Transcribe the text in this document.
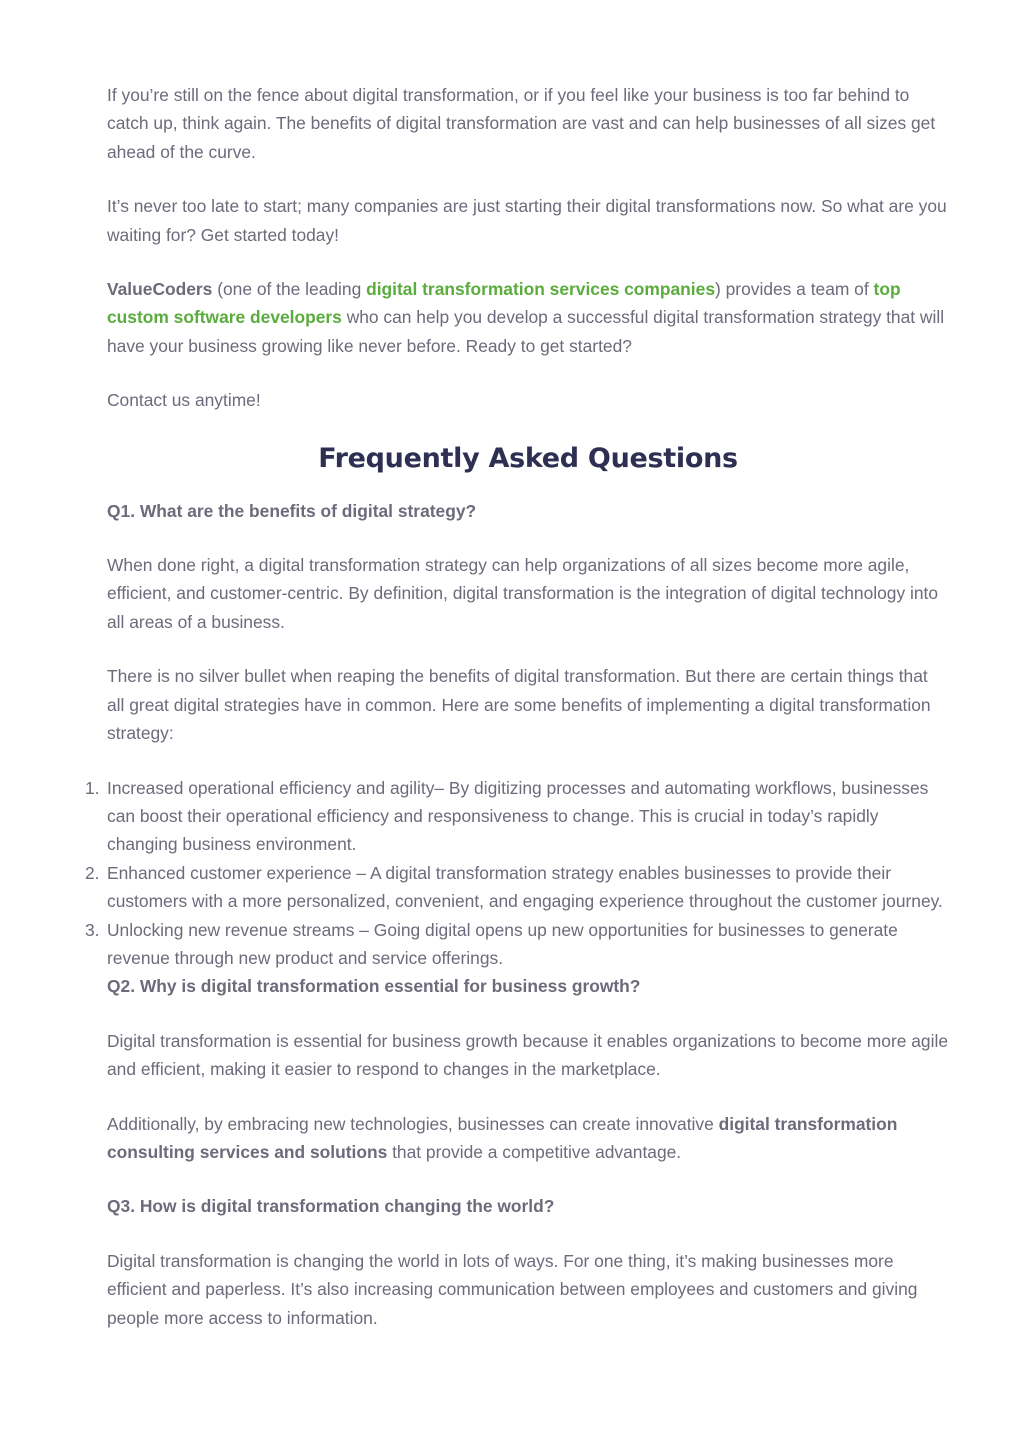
If you’re still on the fence about digital transformation, or if you feel like your business is too far behind to catch up, think again. The benefits of digital transformation are vast and can help businesses of all sizes get ahead of the curve.

It’s never too late to start; many companies are just starting their digital transformations now. So what are you waiting for? Get started today!

ValueCoders (one of the leading digital transformation services companies) provides a team of top custom software developers who can help you develop a successful digital transformation strategy that will have your business growing like never before. Ready to get started?

Contact us anytime!

Frequently Asked Questions

Q1. What are the benefits of digital strategy?

When done right, a digital transformation strategy can help organizations of all sizes become more agile, efficient, and customer-centric. By definition, digital transformation is the integration of digital technology into all areas of a business.

There is no silver bullet when reaping the benefits of digital transformation. But there are certain things that all great digital strategies have in common. Here are some benefits of implementing a digital transformation strategy:

1. Increased operational efficiency and agility– By digitizing processes and automating workflows, businesses can boost their operational efficiency and responsiveness to change. This is crucial in today’s rapidly changing business environment.
2. Enhanced customer experience – A digital transformation strategy enables businesses to provide their customers with a more personalized, convenient, and engaging experience throughout the customer journey.
3. Unlocking new revenue streams – Going digital opens up new opportunities for businesses to generate revenue through new product and service offerings.

Q2. Why is digital transformation essential for business growth?

Digital transformation is essential for business growth because it enables organizations to become more agile and efficient, making it easier to respond to changes in the marketplace.

Additionally, by embracing new technologies, businesses can create innovative digital transformation consulting services and solutions that provide a competitive advantage.

Q3. How is digital transformation changing the world?

Digital transformation is changing the world in lots of ways. For one thing, it’s making businesses more efficient and paperless. It’s also increasing communication between employees and customers and giving people more access to information.
